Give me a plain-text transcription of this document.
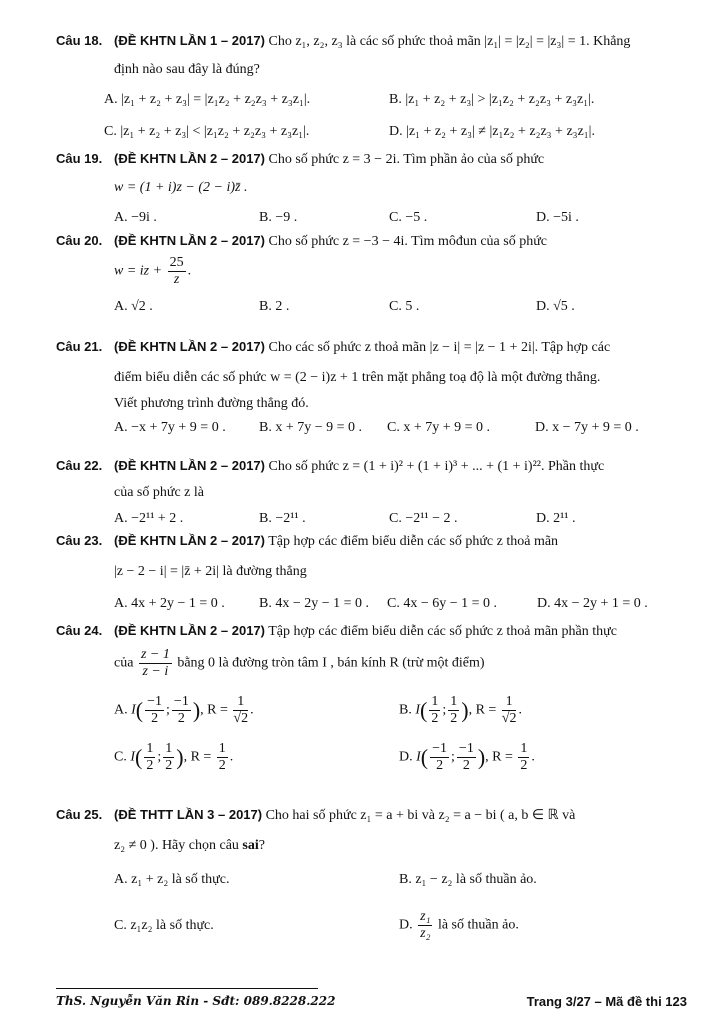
Câu 18. (ĐỀ KHTN LẦN 1 – 2017) Cho z₁, z₂, z₃ là các số phức thoả mãn |z₁| = |z₂| = |z₃| = 1. Khẳng
định nào sau đây là đúng?
A. |z₁ + z₂ + z₃| = |z₁z₂ + z₂z₃ + z₃z₁|.	B. |z₁ + z₂ + z₃| > |z₁z₂ + z₂z₃ + z₃z₁|.
C. |z₁ + z₂ + z₃| < |z₁z₂ + z₂z₃ + z₃z₁|.	D. |z₁ + z₂ + z₃| ≠ |z₁z₂ + z₂z₃ + z₃z₁|.
Câu 19. (ĐỀ KHTN LẦN 2 – 2017) Cho số phức z = 3 − 2i. Tìm phần ảo của số phức
w = (1 + i)z − (2 − i)z̄ .
A. −9i .	B. −9 .	C. −5 .	D. −5i .
Câu 20. (ĐỀ KHTN LẦN 2 – 2017) Cho số phức z = −3 − 4i. Tìm môđun của số phức
w = iz + $\frac{25}{z}$ .
A. √2 .	B. 2 .	C. 5 .	D. √5 .
Câu 21. (ĐỀ KHTN LẦN 2 – 2017) Cho các số phức z thoả mãn |z − i| = |z − 1 + 2i|. Tập hợp các
điểm biểu diễn các số phức w = (2 − i)z + 1 trên mặt phẳng toạ độ là một đường thẳng.
Viết phương trình đường thẳng đó.
A. −x + 7y + 9 = 0 .	B. x + 7y − 9 = 0 .	C. x + 7y + 9 = 0 .	D. x − 7y + 9 = 0 .
Câu 22. (ĐỀ KHTN LẦN 2 – 2017) Cho số phức z = (1 + i)² + (1 + i)³ + ... + (1 + i)²². Phần thực
của số phức z là
A. −2¹¹ + 2 .	B. −2¹¹ .	C. −2¹¹ − 2 .	D. 2¹¹ .
Câu 23. (ĐỀ KHTN LẦN 2 – 2017) Tập hợp các điểm biểu diễn các số phức z thoả mãn
|z − 2 − i| = |z̄ + 2i| là đường thẳng
A. 4x + 2y − 1 = 0 .	B. 4x − 2y − 1 = 0 .	C. 4x − 6y − 1 = 0 .	D. 4x − 2y + 1 = 0 .
Câu 24. (ĐỀ KHTN LẦN 2 – 2017) Tập hợp các điểm biểu diễn các số phức z thoả mãn phần thực
của $\frac{z - 1}{z - i}$ bằng 0 là đường tròn tâm I , bán kính R (trừ một điểm)
A. $I( \frac{-1}{2}$ ; $\frac{-1}{2}$ ), $R = \frac{1}{√2}$ .	B. $I( \frac{1}{2}$ ; $\frac{1}{2}$ ), $R = \frac{1}{√2}$ .
C. $I( \frac{1}{2}$ ; $\frac{1}{2}$ ), $R = \frac{1}{2}$ .	D. $I( \frac{-1}{2}$ ; $\frac{-1}{2}$ ), $R = \frac{1}{2}$ .
Câu 25. (ĐỀ THTT LẦN 3 – 2017) Cho hai số phức z₁ = a + bi và z₂ = a − bi ( a, b ∈ ℝ và
z₂ ≠ 0 ). Hãy chọn câu sai?
A. z₁ + z₂ là số thực.	B. z₁ − z₂ là số thuần ảo.
C. z₁z₂ là số thực.	D. $\frac{\text{z₁}}{\text{z₂}}$ là số thuần ảo.
ThS. Nguyễn Văn Rin - Sđt: 089.8228.222	Trang 3/27 – Mã đề thi 123
